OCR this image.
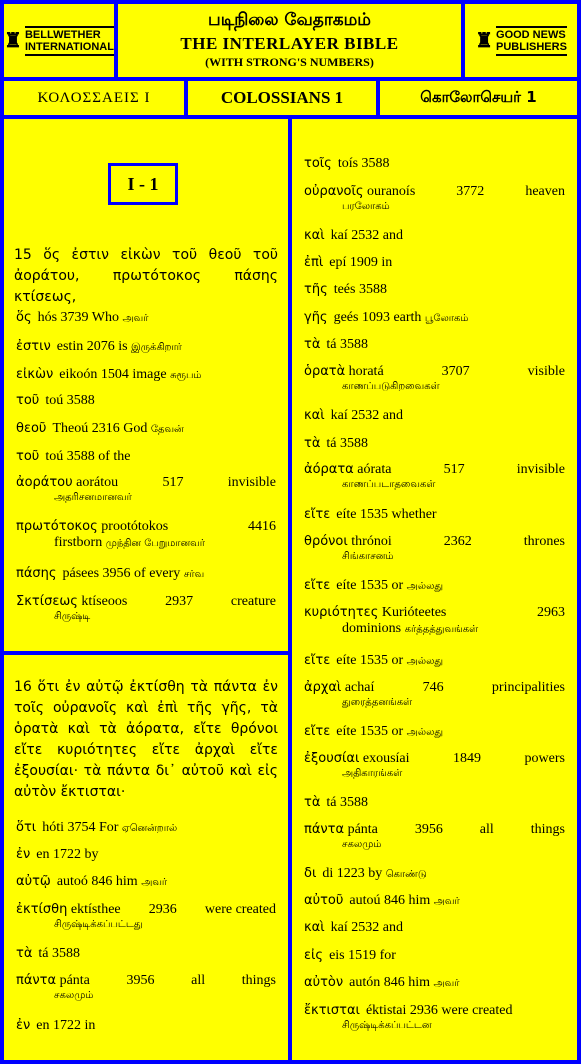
♜ BELLWETHER
INTERNATIONAL
படிநிலை வேதாகமம்
THE INTERLAYER BIBLE
(WITH STRONG'S NUMBERS)
♜ GOOD NEWS
PUBLISHERS
ΚΟΛΟΣΣΑΕΙΣ I	COLOSSIANS 1	கொலோசெயர் 1
I - 1
15 ὅς ἐστιν εἰκὼν τοῦ θεοῦ τοῦ ἀοράτου, πρωτότοκος πάσης κτίσεως,
ὅς hós 3739 Who அவர்
ἐστιν estin 2076 is இருக்கிறார்
εἰκὼν eikoón 1504 image சுரூபம்
τοῦ toú 3588
θεοῦ Theoú 2316 God தேவன்
τοῦ toú 3588 of the
ἀοράτου aorátou	517	invisible
அதரிசனமானவர்
πρωτότοκος prootótokos	4416
firstborn முந்தின பேறுமானவர்
πάσης pásees 3956 of every சர்வ
Σκτίσεως ktíseoos	2937	creature
சிருஷ்டி
16 ὅτι ἐν αὐτῷ ἐκτίσθη τὰ πάντα ἐν τοῖς οὐρανοῖς καὶ ἐπὶ τῆς γῆς, τὰ ὁρατὰ καὶ τὰ ἀόρατα, εἴτε θρόνοι εἴτε κυριότητες εἴτε ἀρχαὶ εἴτε ἐξουσίαι· τὰ πάντα δι᾽ αὐτοῦ καὶ εἰς αὐτὸν ἔκτισται·
ὅτι hóti 3754 For ஏனென்றால்
ἐν en 1722 by
αὐτῷ autoó 846 him அவர்
ἐκτίσθη ektísthee 2936 were created
சிருஷ்டிக்கப்பட்டது
τὰ tá 3588
πάντα pánta	3956	all	things
சகலமும்
ἐν en 1722 in
τοῖς toís 3588
οὐρανοῖς ouranoís	3772	heaven
பரலோகம்
καὶ kaí 2532 and
ἐπὶ epí 1909 in
τῆς teés 3588
γῆς geés 1093 earth பூலோகம்
τὰ tá 3588
ὁρατὰ horatá	3707	visible
காணப்படுகிறவைகள்
καὶ kaí 2532 and
τὰ tá 3588
ἀόρατα aórata	517	invisible
காணப்படாதவைகள்
εἴτε eíte 1535 whether
θρόνοι thrónoi	2362	thrones
சிங்காசனம்
εἴτε eíte 1535 or அல்லது
κυριότητες Kuriótеetes	2963
dominions கர்த்தத்துவங்கள்
εἴτε eíte 1535 or அல்லது
ἀρχαὶ achaí	746	principalities
துரைத்தனங்கள்
εἴτε eíte 1535 or அல்லது
ἐξουσίαι exousíai	1849	powers
அதிகாரங்கள்
τὰ tá 3588
πάντα pánta	3956	all	things
சகலமும்
δι di 1223 by கொண்டு
αὐτοῦ autoú 846 him அவர்
καὶ kaí 2532 and
εἰς eis 1519 for
αὐτὸν autón 846 him அவர்
ἔκτισται éktistai 2936 were created
சிருஷ்டிக்கப்பட்டன
